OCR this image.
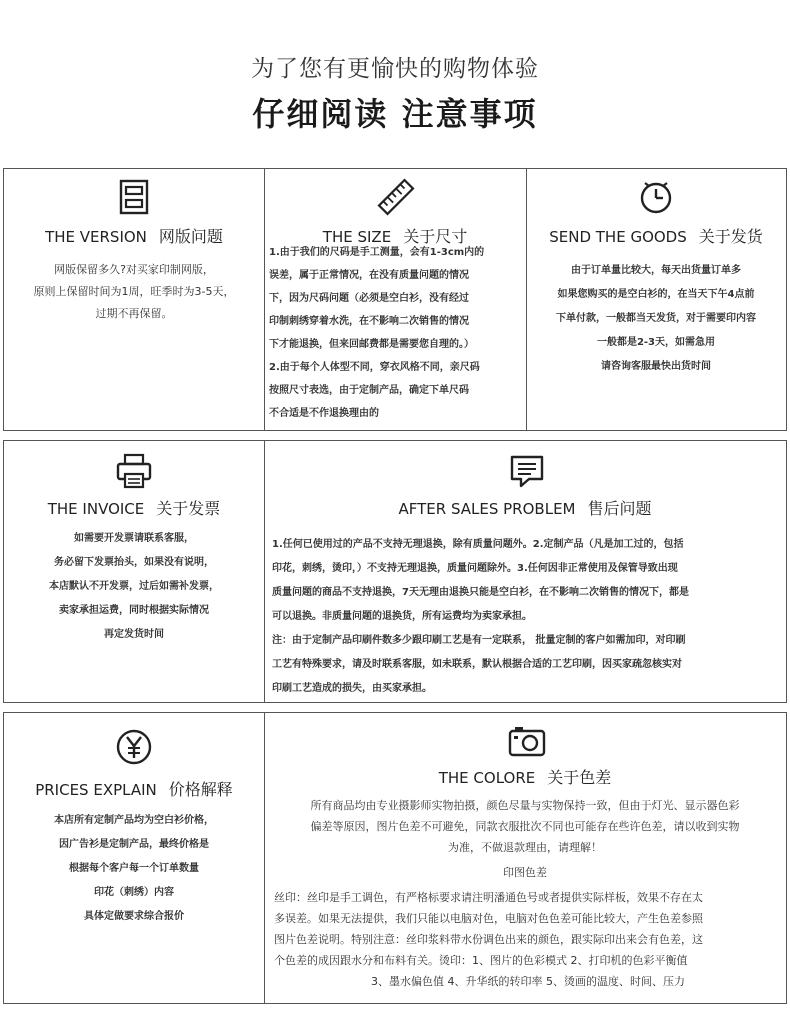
为了您有更愉快的购物体验
仔细阅读 注意事项
THE VERSION 网版问题

网版保留多久?对买家印制网版，

原则上保留时间为1周，旺季时为3-5天，

过期不再保留。

THE SIZE 关于尺寸

1.由于我们的尺码是手工测量，会有1-3cm内的

误差，属于正常情况，在没有质量问题的情况

下，因为尺码问题（必须是空白衫，没有经过

印制刺绣穿着水洗，在不影响二次销售的情况

下才能退换，但来回邮费都是需要您自理的。）

2.由于每个人体型不同，穿衣风格不同，亲尺码

按照尺寸表选，由于定制产品，确定下单尺码

不合适是不作退换理由的

SEND THE GOODS 关于发货

由于订单量比较大，每天出货量订单多

如果您购买的是空白衫的，在当天下午4点前

下单付款，一般都当天发货，对于需要印内容

一般都是2-3天，如需急用

请咨询客服最快出货时间

THE INVOICE 关于发票

如需要开发票请联系客服，

务必留下发票抬头，如果没有说明，

本店默认不开发票，过后如需补发票，

卖家承担运费，同时根据实际情况

再定发货时间

AFTER SALES PROBLEM 售后问题

1.任何已使用过的产品不支持无理退换，除有质量问题外。2.定制产品（凡是加工过的，包括

印花，刺绣，烫印，）不支持无理退换，质量问题除外。3.任何因非正常使用及保管导致出现

质量问题的商品不支持退换，7天无理由退换只能是空白衫，在不影响二次销售的情况下，都是

可以退换。非质量问题的退换货，所有运费均为卖家承担。

注：由于定制产品印刷件数多少跟印刷工艺是有一定联系， 批量定制的客户如需加印，对印刷

工艺有特殊要求，请及时联系客服，如未联系，默认根据合适的工艺印刷，因买家疏忽核实对

印刷工艺造成的损失，由买家承担。

PRICES EXPLAIN 价格解释

本店所有定制产品均为空白衫价格，

因广告衫是定制产品，最终价格是

根据每个客户每一个订单数量

印花（刺绣）内容

具体定做要求综合报价

THE COLORE 关于色差

所有商品均由专业摄影师实物拍摄，颜色尽量与实物保持一致，但由于灯光、显示器色彩

偏差等原因，图片色差不可避免，同款衣服批次不同也可能存在些许色差，请以收到实物

为准，不做退款理由，请理解！

印图色差

丝印：丝印是手工调色，有严格标要求请注明潘通色号或者提供实际样板，效果不存在太

多误差。如果无法提供，我们只能以电脑对色，电脑对色色差可能比较大，产生色差参照

图片色差说明。特别注意：丝印浆料带水份调色出来的颜色，跟实际印出来会有色差，这

个色差的成因跟水分和布料有关。烫印：1、图片的色彩模式 2、打印机的色彩平衡值

3、墨水偏色值 4、升华纸的转印率 5、烫画的温度、时间、压力
